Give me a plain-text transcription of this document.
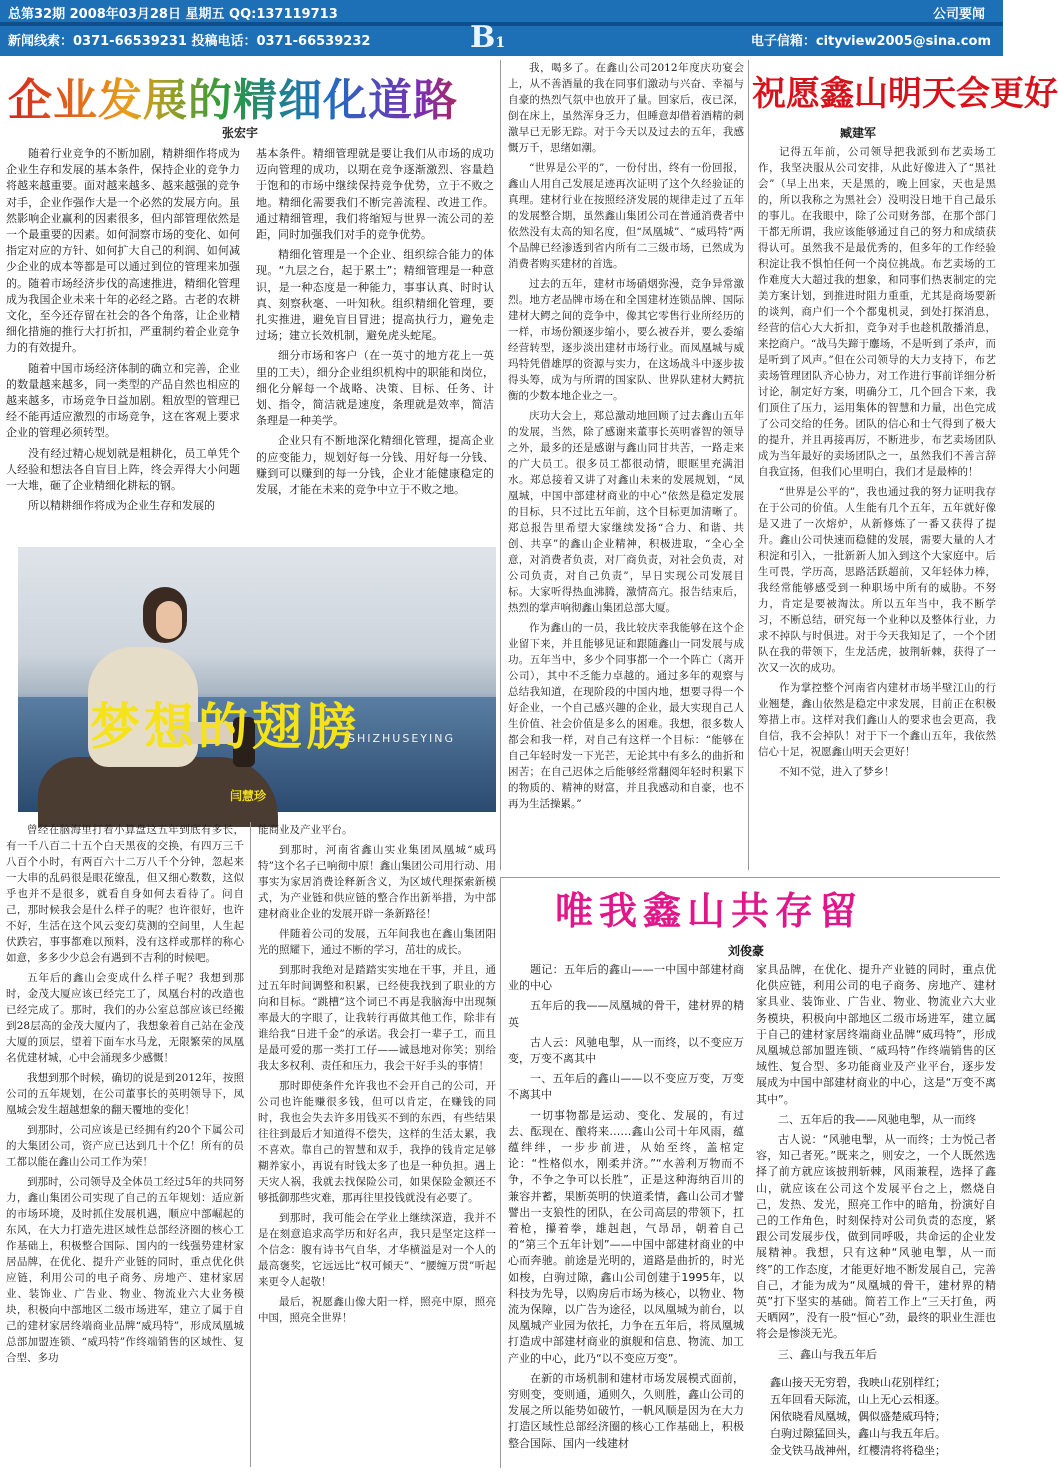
总第32期 2008年03月28日 星期五 QQ:137119713
新闻线索：0371-66539231 投稿电话：0371-66539232	B1
公司要闻
电子信箱：cityview2005@sina.com
企业发展的精细化道路
张宏宇

随着行业竞争的不断加剧，精耕细作将成为企业生存和发展的基本条件，保持企业的竞争力将越来越重要。面对越来越多、越来越强的竞争对手，企业作强作大是一个必然的发展方向。虽然影响企业赢利的因素很多，但内部管理依然是一个最重要的因素。如何洞察市场的变化、如何指定对应的方针、如何扩大自己的利润、如何减少企业的成本等都是可以通过到位的管理来加强的。随着市场经济步伐的高速推进，精细化管理成为我国企业未来十年的必经之路。古老的农耕文化，至今还存留在社会的各个角落，让企业精细化措施的推行大打折扣，严重制约着企业竞争力的有效提升。

随着中国市场经济体制的确立和完善，企业的数量越来越多，同一类型的产品自然也相应的越来越多，市场竞争日益加剧。粗放型的管理已经不能再适应激烈的市场竞争，这在客观上要求企业的管理必须转型。

没有经过精心规划就是粗耕化，员工单凭个人经验和想法各自盲目上阵，终会弄得大小问题一大堆，砸了企业精细化耕耘的钢。

所以精耕细作将成为企业生存和发展的

基本条件。精细管理就是要让我们从市场的成功迈向管理的成功，以期在竞争逐渐激烈、容量趋于饱和的市场中继续保持竞争优势，立于不败之地。精细化需要我们不断完善流程、改进工作。通过精细管理，我们将缩短与世界一流公司的差距，同时加强我们对手的竞争优势。

精细化管理是一个企业、组织综合能力的体现。“九层之台，起于累土”；精细管理是一种意识，是一种态度是一种能力，事事认真、时时认真、刻察秋毫、一叶知秋。组织精细化管理，要扎实推进，避免盲目冒进；提高执行力，避免走过场；建立长效机制，避免虎头蛇尾。

细分市场和客户（在一英寸的地方花上一英里的工夫），细分企业组织机构中的职能和岗位，细化分解每一个战略、决策、目标、任务、计划、指令，简洁就是速度，条理就是效率，简洁条理是一种美学。

企业只有不断地深化精细化管理，提高企业的应变能力，规划好每一分钱、用好每一分钱、赚到可以赚到的每一分钱，企业才能健康稳定的发展，才能在未来的竞争中立于不败之地。

梦想的翅膀
SHIZHUSEYING
闫慧珍

我，喝多了。在鑫山公司2012年度庆功宴会上，从不善酒量的我在同事们激动与兴奋、幸福与自豪的热烈气氛中也放开了量。回家后，夜已深，倒在床上，虽然浑身乏力，但睡意却借着酒精的刺激早已无影无踪。对于今天以及过去的五年，我感慨万千，思绪如潮。

“世界是公平的”，一份付出，终有一份回报，鑫山人用自己发展足迹再次证明了这个久经验证的真理。建材行业在按照经济发展的规律走过了五年的发展整合期，虽然鑫山集团公司在普通消费者中依然没有太高的知名度，但“凤凰城”、“威玛特”两个品牌已经渗透到省内所有二三级市场，已然成为消费者购买建材的首选。

过去的五年，建材市场硝烟弥漫，竞争异常激烈。地方老品牌市场在和全国建材连锁品牌、国际建材大鳄之间的竞争中，像其它零售行业所经历的一样，市场份额逐步缩小，要么被吞并，要么委缩经营转型，逐步淡出建材市场行业。而凤凰城与威玛特凭借雄厚的资源与实力，在这场战斗中逐步拔得头筹，成为与所谓的国家队、世界队建材大鳄抗衡的少数本地企业之一。

庆功大会上，郑总激动地回顾了过去鑫山五年的发展，当然，除了感谢来董事长英明睿智的领导之外，最多的还是感谢与鑫山同甘共苦，一路走来的广大员工。很多员工都很动情，眼眶里充满泪水。郑总接着又讲了对鑫山未来的发展规划，“凤凰城，中国中部建材商业的中心”依然是稳定发展的目标，只不过比五年前，这个目标更加清晰了。郑总报告里希望大家继续发扬“合力、和谐、共创、共享”的鑫山企业精神，积极进取，“全心全意，对消费者负责，对厂商负责，对社会负责，对公司负责，对自己负责”，早日实现公司发展目标。大家听得热血沸腾，激情高亢。报告结束后，热烈的掌声响彻鑫山集团总部大厦。

作为鑫山的一员，我比较庆幸我能够在这个企业留下来，并且能够见证和跟随鑫山一同发展与成功。五年当中，多少个同事都一个一个阵亡（离开公司），其中不乏能力卓越的。通过多年的观察与总结我知道，在现阶段的中国内地，想要寻得一个好企业，一个自己感兴趣的企业，最大实现自己人生价值、社会价值是多么的困难。我想，很多数人都会和我一样，对自己有这样一个目标：“能够在自己年轻时发一下光芒，无论其中有多么的曲折和困苦；在自己迟体之后能够经常翻阅年轻时积累下的物质的、精神的财富，并且我感动和自豪，也不再为生活操累。”

祝愿鑫山明天会更好
臧建军

记得五年前，公司领导把我派到布艺卖场工作，我坚决服从公司安排，从此好像进入了“黑社会”（早上出来，天是黑的，晚上回家，天也是黑的，所以我称之为黑社会）没明没日地干自己最乐的事儿。在我眼中，除了公司财务部，在那个部门干都无所谓，我应该能够通过自己的努力和成绩获得认可。虽然我不是最优秀的，但多年的工作经验积淀让我不惧怕任何一个岗位挑战。布艺卖场的工作难度大大超过我的想象，和同事们热衷制定的完美方案计划，到推进时阻力重重，尤其是商场要新的谈判，商户们一个个都鬼机灵，到处打探消息，经营的信心大大折扣，竞争对手也趁机散播消息，来挖商户。“战马失蹄于鏖场，不是听到了杀声，而是听到了风声。”但在公司领导的大力支持下，布艺卖场管理团队齐心协力，对工作进行事前详细分析讨论，制定好方案，明确分工，几个回合下来，我们顶住了压力，运用集体的智慧和力量，出色完成了公司交给的任务。团队的信心和士气得到了极大的提升，并且再接再厉，不断进步，布艺卖场团队成为当年最好的卖场团队之一，虽然我们不善言辞自我宣扬，但我们心里明白，我们才是最棒的！

“世界是公平的”，我也通过我的努力证明我存在于公司的价值。人生能有几个五年，五年就好像是又进了一次熔炉，从新修炼了一番又获得了提升。鑫山公司快速而稳健的发展，需要大量的人才积淀和引入，一批新新人加入到这个大家庭中。后生可畏，学历高，思路活跃超前，又年轻体力棒，我经常能够感受到一种职场中所有的威胁。不努力，肯定是要被淘汰。所以五年当中，我不断学习，不断总结，研究每一个业种以及整体行业，力求不掉队与时俱进。对于今天我知足了，一个个团队在我的带领下，生龙活虎，披荆斩棘，获得了一次又一次的成功。

作为掌控整个河南省内建材市场半壁江山的行业翘楚，鑫山依然是稳定中求发展，目前正在积极筹措上市。这样对我们鑫山人的要求也会更高，我自信，我不会掉队！对于下一个鑫山五年，我依然信心十足，祝愿鑫山明天会更好！

不知不觉，进入了梦乡！

曾经在脑海里打着小算盘这五年到底有多长，有一千八百二十五个白天黑夜的交换，有四万三千八百个小时，有两百六十二万八千个分钟，忽起来一大串的乱码很是眼花缭乱，但又细心数数，这似乎也并不是很多，就看自身如何去看待了。问自己，那时候我会是什么样子的呢？也许很好，也许不好，生活在这个风云变幻莫测的空间里，人生起伏跌宕，事事都难以预料，没有这样或那样的称心如意，多多少少总会有遇到不吉利的时候吧。

五年后的鑫山会变成什么样子呢？我想到那时，金茂大厦应该已经完工了，凤凰台村的改造也已经完成了。那时，我们的办公室总部应该已经搬到28层高的金茂大厦内了，我想象着自己站在金茂大厦的顶层，望着下面车水马龙，无限繁荣的凤凰名优建材城，心中会涌现多少感慨！

我想到那个时候，确切的说是到2012年，按照公司的五年规划，在公司董事长的英明领导下，凤凰城会发生超越想象的翻天覆地的变化！

到那时，公司应该是已经拥有约20个下属公司的大集团公司，资产应已达到几十个亿！所有的员工都以能在鑫山公司工作为荣！

到那时，公司领导及全体员工经过5年的共同努力，鑫山集团公司实现了自己的五年规划：适应新的市场环境，及时抓住发展机遇，顺应中部崛起的东风，在大力打造先进区域性总部经济圈的核心工作基础上，积极整合国际、国内的一线强势建材家居品牌，在优化、提升产业链的同时，重点优化供应链，利用公司的电子商务、房地产、建材家居业、装饰业、广告业、物业、物流业六大业务模块，积极向中部地区二级市场进军，建立了属于自己的建材家居终端商业品牌“威玛特”，形成凤凰城总部加盟连锁、“威玛特”作终端销售的区域性、复合型、多功

能商业及产业平台。

到那时，河南省鑫山实业集团凤凰城“威玛特”这个名子已响彻中原！鑫山集团公司用行动、用事实为家居消费诠释新含义，为区域代理探索新模式，为产业链和供应链的整合作出新举措，为中部建材商业企业的发展开辟一条新路径！

伴随着公司的发展，五年间我也在鑫山集团阳光的照耀下，通过不断的学习，茁壮的成长。

到那时我绝对是踏踏实实地在干事，并且，通过五年时间调整和积累，已经使我找到了职业的方向和目标。“跳槽”这个词已不再是我脑海中出现频率最大的字眼了，让我转行再做其他工作，除非有谁给我“日进千金”的承诺。我会打一辈子工，而且是最可爱的那一类打工仔——诚恳地对你笑；别给我太多权利、责任和压力，我会干好手头的事情！

那时即使条件允许我也不会开自己的公司，开公司也许能赚很多钱，但可以肯定，在赚钱的同时，我也会失去许多用钱买不到的东西，有些结果往往到最后才知道得不偿失，这样的生活太累，我不喜欢。靠自己的智慧和双手，我挣的钱肯定足够糊养家小，再说有时钱太多了也是一种负担。遇上天灾人祸，我就去找保险公司，如果保险金额还不够抵御那些灾难，那再往里投钱就没有必要了。

到那时，我可能会在学业上继续深造，我并不是在刻意追求高学历和好名声，我只是坚定这样一个信念：腹有诗书气自华，才华横溢是对一个人的最高褒奖，它远远比“权可倾天”、“腰缠万贯”听起来更令人起敬！

最后，祝愿鑫山像大阳一样，照亮中原，照亮中国，照亮全世界！

唯我鑫山共存留
刘俊豪

题记：五年后的鑫山——一中国中部建材商业的中心

五年后的我——凤凰城的骨干，建材界的精英

古人云：风驰电掣，从一而终，以不变应万变，万变不离其中

一、五年后的鑫山——以不变应万变，万变不离其中

一切事物都是运动、变化、发展的，有过去、酝现在、酿将来……鑫山公司十年风雨，蕴蕴绊绊，一步步前进，从始至终，盖棺定论：“性格似水，刚柔并济。”“水善利万物而不争，不争之争可以长胜”，正是这种海纳百川的兼容并蓄，果断英明的快道柔情，鑫山公司才譬譬出一支狼性的团队，在公司高层的带领下，扛着枪，攥着拳，雄赳赳，气昂昂，朝着自己的“第三个五年计划”——中国中部建材商业的中心而奔驰。前途是光明的，道路是曲折的，时光如梭，白驹过隙，鑫山公司创建于1995年，以科技为先导，以购房后市场为核心，以物业、物流为保障，以广告为途径，以凤凰城为前台，以凤凰城产业园为依托，力争在五年后，将凤凰城打造成中部建材商业的旗舰和信息、物流、加工产业的中心，此乃“以不变应万变”。

在新的市场机制和建材市场发展模式面前，穷则变，变则通，通则久，久则胜，鑫山公司的发展之所以能势如破竹，一帆风顺是因为在大力打造区域性总部经济圈的核心工作基础上，积极整合国际、国内一线建材

家具品牌，在优化、提升产业链的同时，重点优化供应链，利用公司的电子商务、房地产、建材家具业、装饰业、广告业、物业、物流业六大业务模块，积极向中部地区二级市场进军，建立属于自己的建材家居终端商业品牌“威玛特”，形成凤凰城总部加盟连锁、“威玛特”作终端销售的区域性、复合型、多功能商业及产业平台，逐步发展成为中国中部建材商业的中心，这是“万变不离其中”。

二、五年后的我——风驰电掣，从一而终

古人说：“风驰电掣，从一而终；士为悦己者容，知己者死。”既来之，则安之，一个人既然选择了前方就应该披荆斩棘，风雨兼程，选择了鑫山，就应该在公司这个发展平台之上，燃烧自己，发热、发光，照亮工作中的暗角，扮演好自己的工作角色，时刻保持对公司负责的态度，紧跟公司发展步伐，做到同呼吸，共命运的企业发展精神。我想，只有这种“风驰电掣，从一而终”的工作态度，才能更好地不断发展自己，完善自己，才能为成为“凤凰城的骨干，建材界的精英”打下坚实的基础。简若工作上“三天打鱼，两天晒网”，没有一股“恒心”劲，最终的职业生涯也将会是惨淡无光。

三、鑫山与我五年后

鑫山接天无穷碧，我映山花别样红；
五年回看天际流，山上无心云相逐。
闲依晓看凤凰城，偶似盛楚威玛特；
白驹过隙猛回头，鑫山与我五年后。
金戈铁马战神州，红樱清将将稳坐；
